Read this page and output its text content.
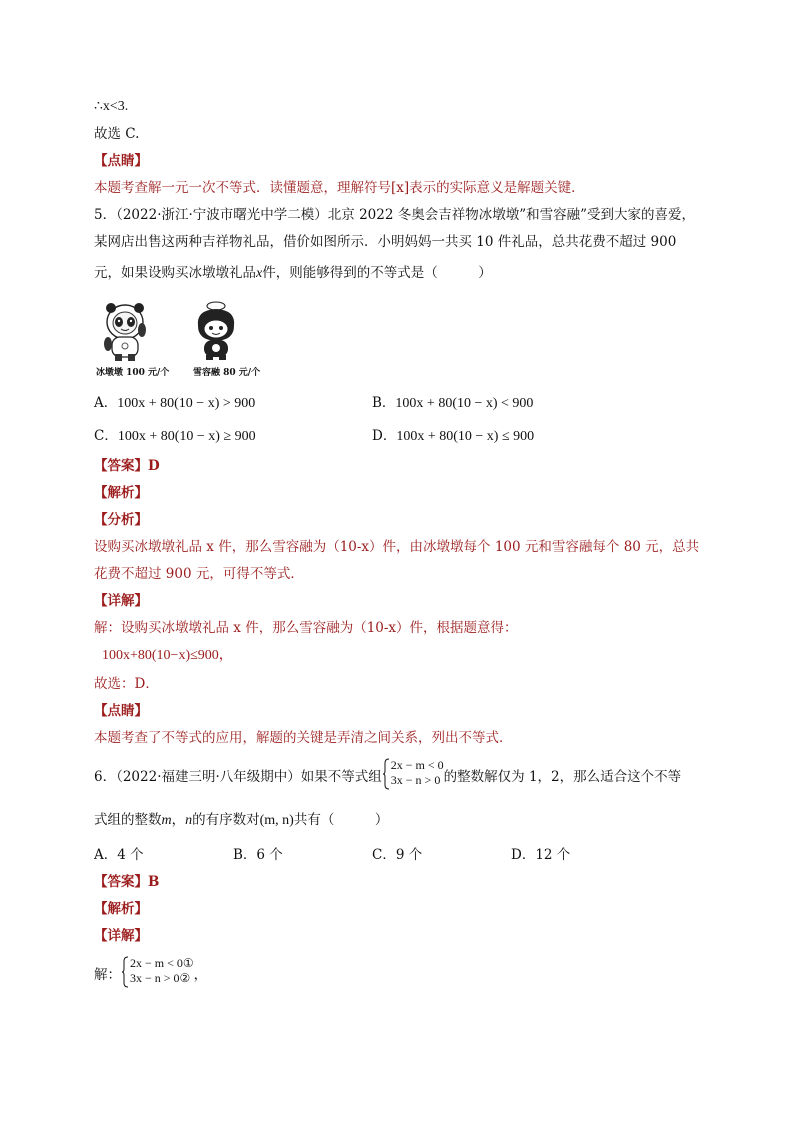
∴x<3.
故选 C.
【点睛】
本题考查解一元一次不等式．读懂题意，理解符号[x]表示的实际意义是解题关键．
5．（2022·浙江·宁波市曙光中学二模）北京 2022 冬奥会吉祥物冰墩墩”和雪容融”受到大家的喜爱，
某网店出售这两种吉祥物礼品，借价如图所示．小明妈妈一共买 10 件礼品，总共花费不超过 900
元，如果设购买冰墩墩礼品x件，则能够得到的不等式是（　　　）
冰墩墩 100 元/个	雪容融 80 元/个
A．100x + 80(10 − x) > 900	B．100x + 80(10 − x) < 900
C．100x + 80(10 − x) ≥ 900	D．100x + 80(10 − x) ≤ 900
【答案】D
【解析】
【分析】
设购买冰墩墩礼品 x 件，那么雪容融为（10-x）件，由冰墩墩每个 100 元和雪容融每个 80 元，总共
花费不超过 900 元，可得不等式．
【详解】
解：设购买冰墩墩礼品 x 件，那么雪容融为（10-x）件，根据题意得：
100x+80(10−x)≤900，
故选：D．
【点睛】
本题考查了不等式的应用，解题的关键是弄清之间关系，列出不等式．
6．（2022·福建三明·八年级期中）如果不等式组
2x − m < 0
3x − n > 0 的整数解仅为 1，2，那么适合这个不等
式组的整数m，n的有序数对(m, n)共有（　　　）
A．4 个	B．6 个	C．9 个	D．12 个
【答案】B
【解析】
【详解】
解：
2x − m < 0①
3x − n > 0② ，
